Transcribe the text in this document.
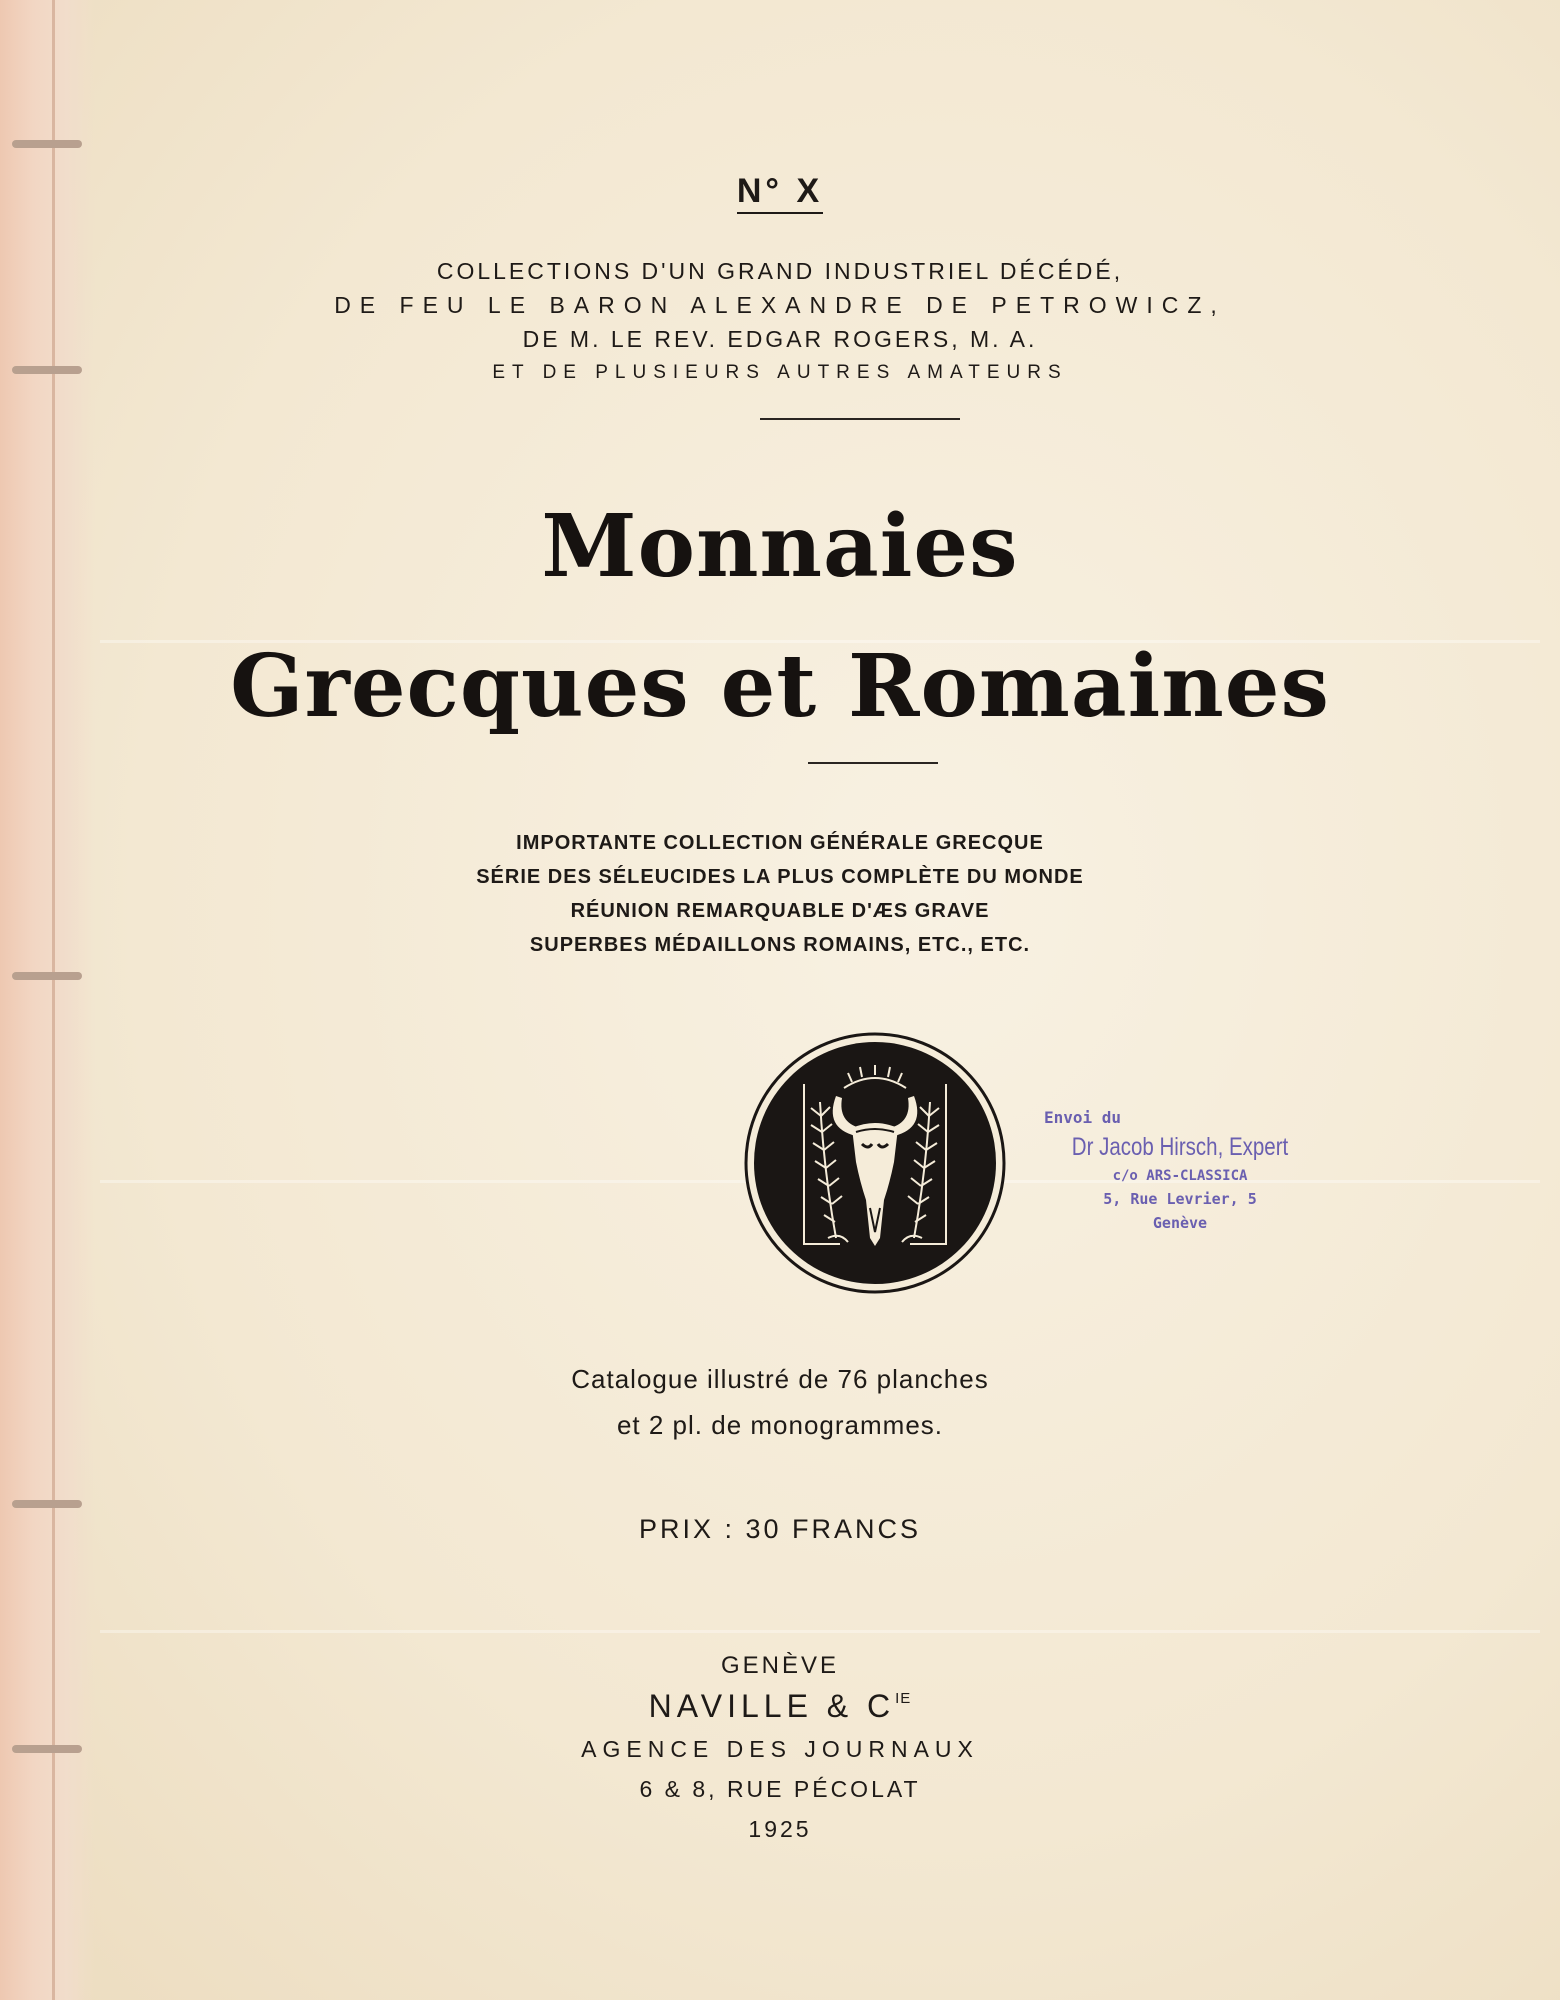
N° X
COLLECTIONS D'UN GRAND INDUSTRIEL DÉCÉDÉ,
DE FEU LE BARON ALEXANDRE DE PETROWICZ,
DE M. LE REV. EDGAR ROGERS, M. A.
ET DE PLUSIEURS AUTRES AMATEURS
Monnaies
Grecques et Romaines
IMPORTANTE COLLECTION GÉNÉRALE GRECQUE
SÉRIE DES SÉLEUCIDES LA PLUS COMPLÈTE DU MONDE
RÉUNION REMARQUABLE D'ÆS GRAVE
SUPERBES MÉDAILLONS ROMAINS, ETC., ETC.
Envoi du
Dr Jacob Hirsch, Expert
c/o ARS-CLASSICA
5, Rue Levrier, 5
Genève
Catalogue illustré de 76 planches
et 2 pl. de monogrammes.
PRIX : 30 FRANCS
GENÈVE
NAVILLE & $C^{IE}$
AGENCE DES JOURNAUX
6 & 8, RUE PÉCOLAT
1925
